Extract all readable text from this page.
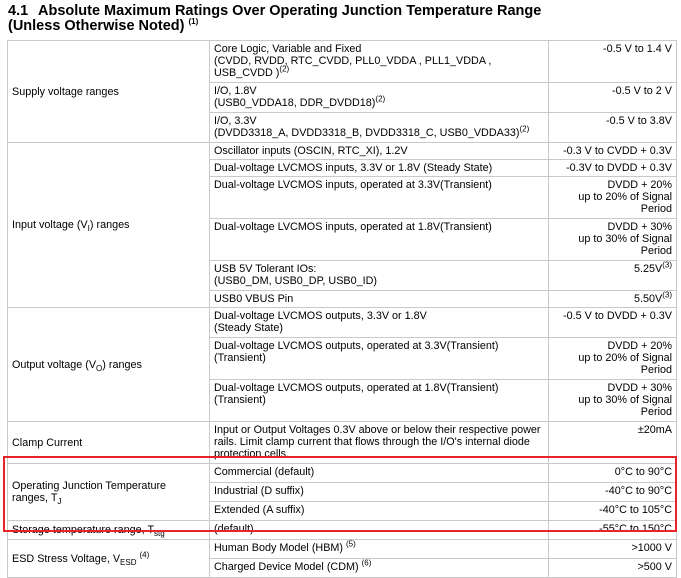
4.1 Absolute Maximum Ratings Over Operating Junction Temperature Range
(Unless Otherwise Noted) $^{(1)}$
Supply voltage ranges	Core Logic, Variable and Fixed
(CVDD, RVDD, RTC_CVDD, PLL0_VDDA , PLL1_VDDA ,
USB_CVDD )$^{(2)}$	-0.5 V to 1.4 V
	I/O, 1.8V
(USB0_VDDA18, DDR_DVDD18)$^{(2)}$	-0.5 V to 2 V
	I/O, 3.3V
(DVDD3318_A, DVDD3318_B, DVDD3318_C, USB0_VDDA33)$^{(2)}$	-0.5 V to 3.8V
Input voltage $(V_I)$ ranges	Oscillator inputs (OSCIN, RTC_XI), 1.2V	-0.3 V to CVDD + 0.3V
	Dual-voltage LVCMOS inputs, 3.3V or 1.8V (Steady State)	-0.3V to DVDD + 0.3V
	Dual-voltage LVCMOS inputs, operated at 3.3V(Transient)	DVDD + 20%
up to 20% of Signal
Period
	Dual-voltage LVCMOS inputs, operated at 1.8V(Transient)	DVDD + 30%
up to 30% of Signal
Period
	USB 5V Tolerant IOs:
(USB0_DM, USB0_DP, USB0_ID)	$5.25V^{(3)}$
	USB0 VBUS Pin	$5.50V^{(3)}$
Output voltage $(V_O)$ ranges	Dual-voltage LVCMOS outputs, 3.3V or 1.8V
(Steady State)	-0.5 V to DVDD + 0.3V
	Dual-voltage LVCMOS outputs, operated at 3.3V(Transient)
(Transient)	DVDD + 20%
up to 20% of Signal
Period
	Dual-voltage LVCMOS outputs, operated at 1.8V(Transient)
(Transient)	DVDD + 30%
up to 30% of Signal
Period
Clamp Current	Input or Output Voltages 0.3V above or below their respective power rails. Limit clamp current that flows through the I/O's internal diode protection cells.	±20mA
Operating Junction Temperature ranges, $T_J$	Commercial (default)	0°C to 90°C
	Industrial (D suffix)	-40°C to 90°C
	Extended (A suffix)	-40°C to 105°C
Storage temperature range, $T_{stg}$	(default)	-55°C to 150°C
ESD Stress Voltage, $V_{ESD}$ $^{(4)}$	Human Body Model (HBM) $^{(5)}$	>1000 V
	Charged Device Model (CDM) $^{(6)}$	>500 V
